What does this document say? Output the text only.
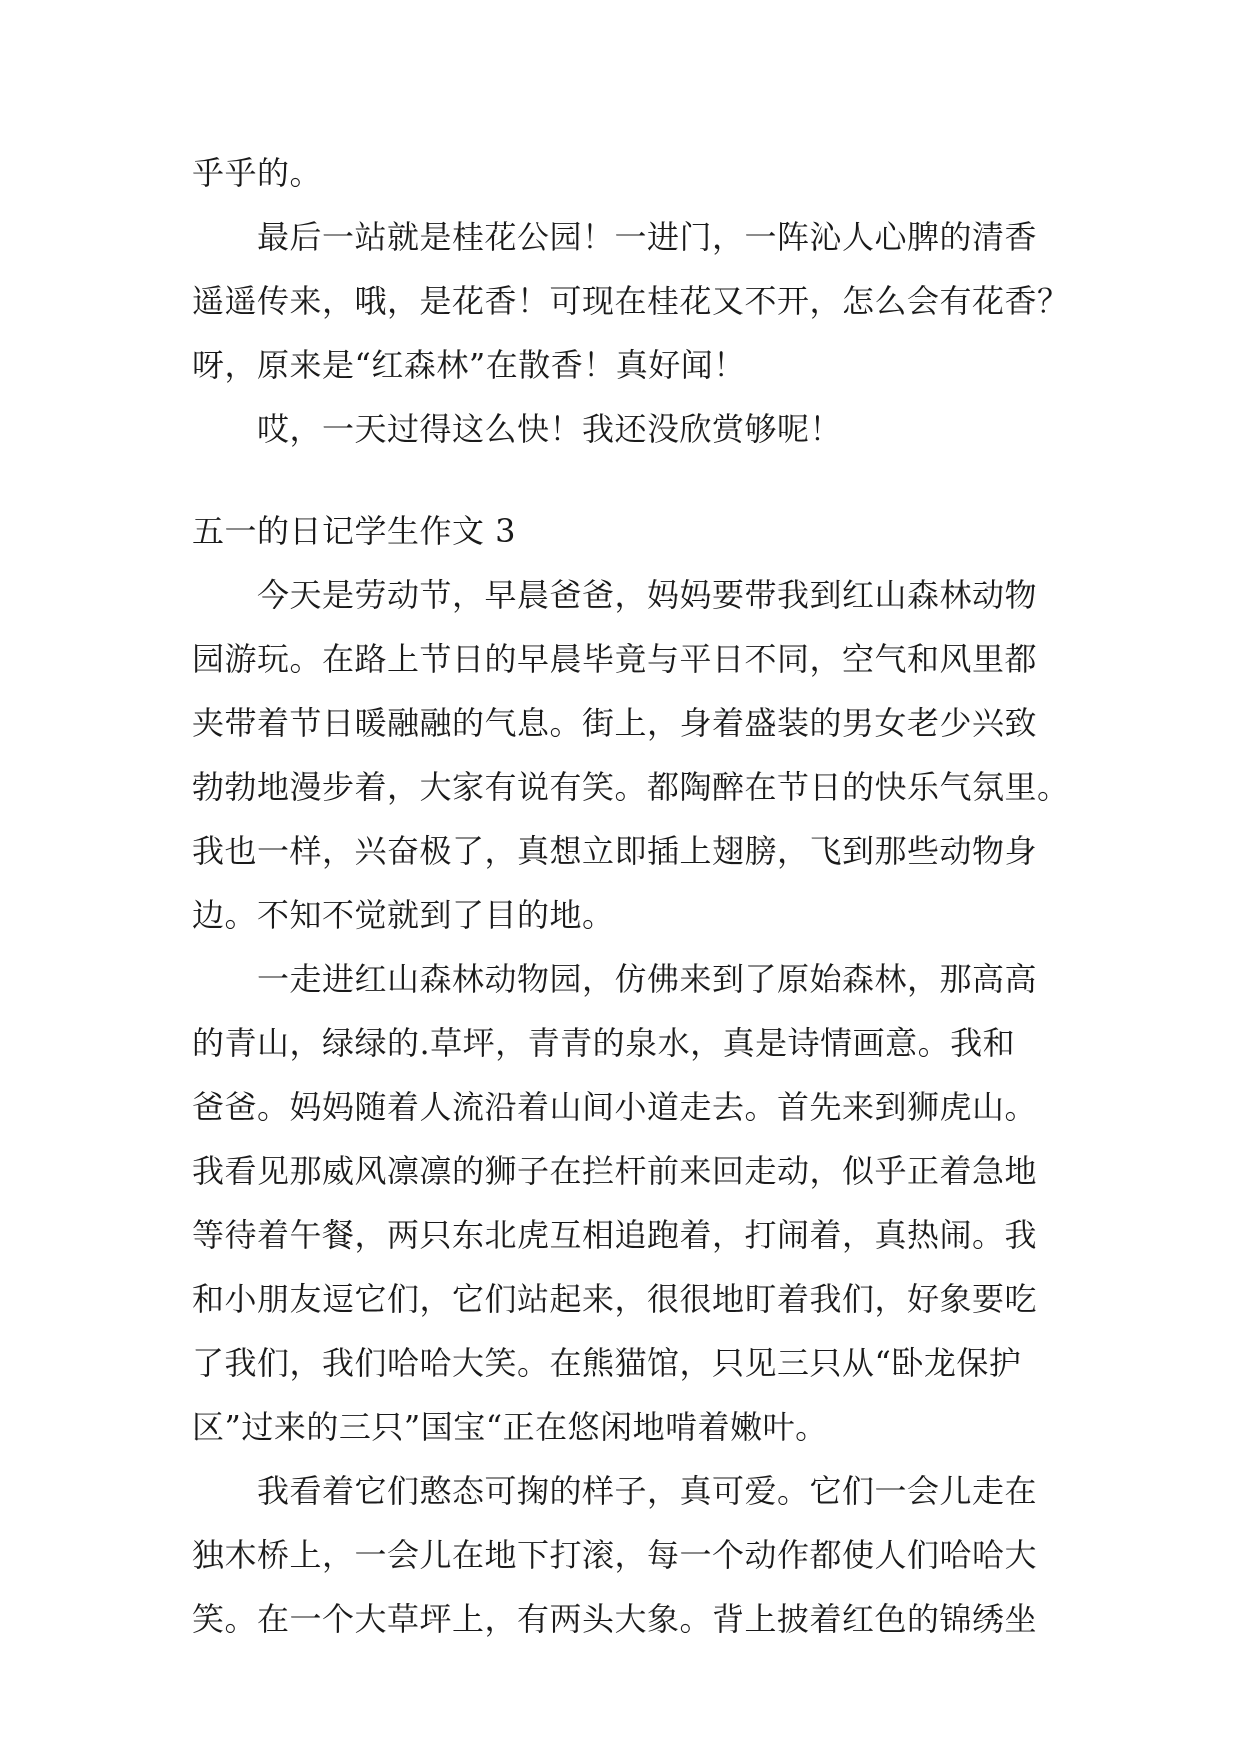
乎乎的。
最后一站就是桂花公园！一进门，一阵沁人心脾的清香
遥遥传来，哦，是花香！可现在桂花又不开，怎么会有花香？
呀，原来是“红森林”在散香！真好闻！
哎，一天过得这么快！我还没欣赏够呢！
五一的日记学生作文 3
今天是劳动节，早晨爸爸，妈妈要带我到红山森林动物
园游玩。在路上节日的早晨毕竟与平日不同，空气和风里都
夹带着节日暖融融的气息。街上，身着盛装的男女老少兴致
勃勃地漫步着，大家有说有笑。都陶醉在节日的快乐气氛里。
我也一样，兴奋极了，真想立即插上翅膀，飞到那些动物身
边。不知不觉就到了目的地。
一走进红山森林动物园，仿佛来到了原始森林，那高高
的青山，绿绿的.草坪，青青的泉水，真是诗情画意。我和
爸爸。妈妈随着人流沿着山间小道走去。首先来到狮虎山。
我看见那威风凛凛的狮子在拦杆前来回走动，似乎正着急地
等待着午餐，两只东北虎互相追跑着，打闹着，真热闹。我
和小朋友逗它们，它们站起来，很很地盯着我们，好象要吃
了我们，我们哈哈大笑。在熊猫馆，只见三只从“卧龙保护
区”过来的三只”国宝“正在悠闲地啃着嫩叶。
我看着它们憨态可掬的样子，真可爱。它们一会儿走在
独木桥上，一会儿在地下打滚，每一个动作都使人们哈哈大
笑。在一个大草坪上，有两头大象。背上披着红色的锦绣坐
